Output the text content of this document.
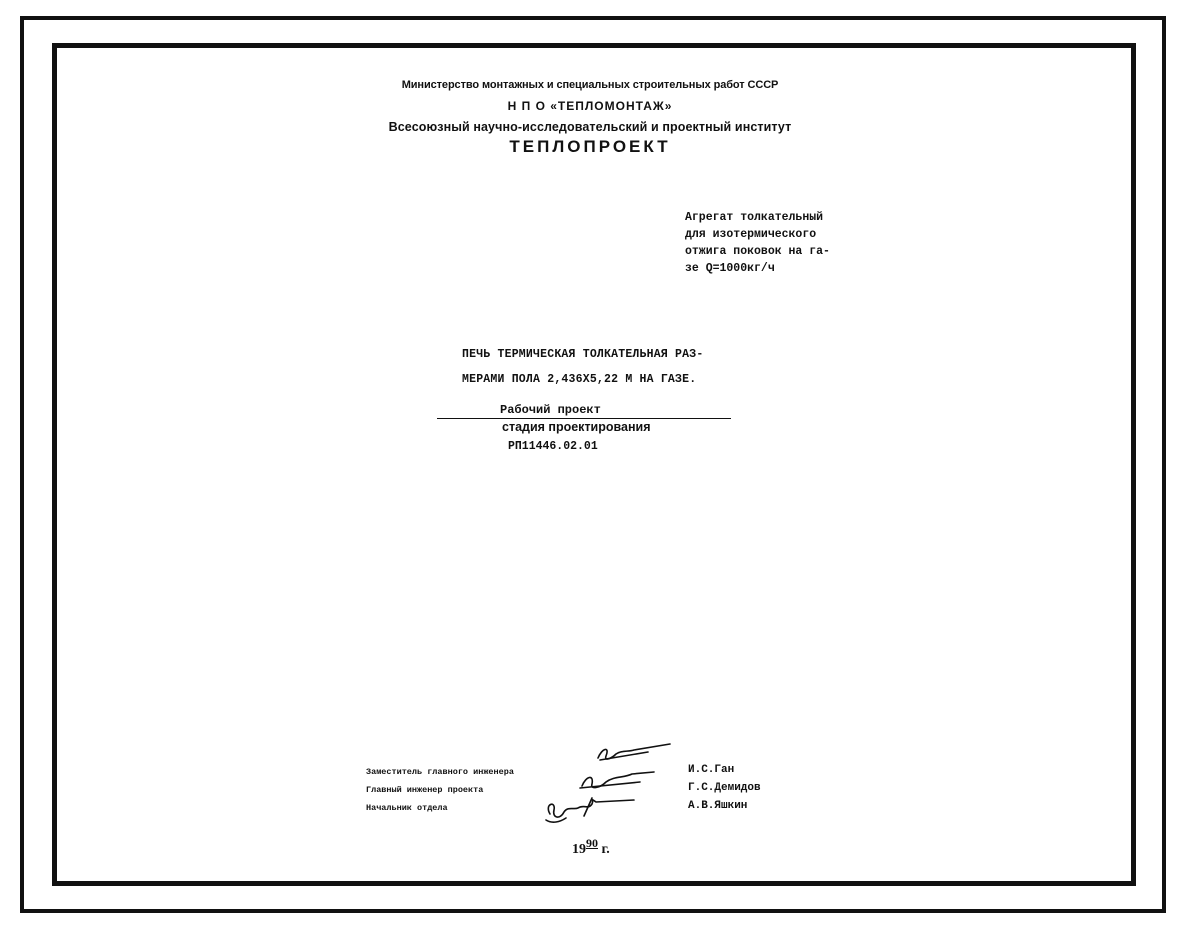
Министерство монтажных и специальных строительных работ СССР
Н П О «ТЕПЛОМОНТАЖ»
Всесоюзный научно-исследовательский и проектный институт
ТЕПЛОПРОЕКТ
Агрегат толкательный
для изотермического
отжига поковок на га-
зе Q=1000кг/ч
ПЕЧЬ ТЕРМИЧЕСКАЯ ТОЛКАТЕЛЬНАЯ РАЗ-
МЕРАМИ ПОЛА 2,436Х5,22 М НА ГАЗЕ.
Рабочий проект
стадия проектирования
РП11446.02.01
Заместитель главного инженера
Главный инженер проекта
Начальник отдела
И.С.Ган
Г.С.Демидов
А.В.Яшкин
1990 г.
